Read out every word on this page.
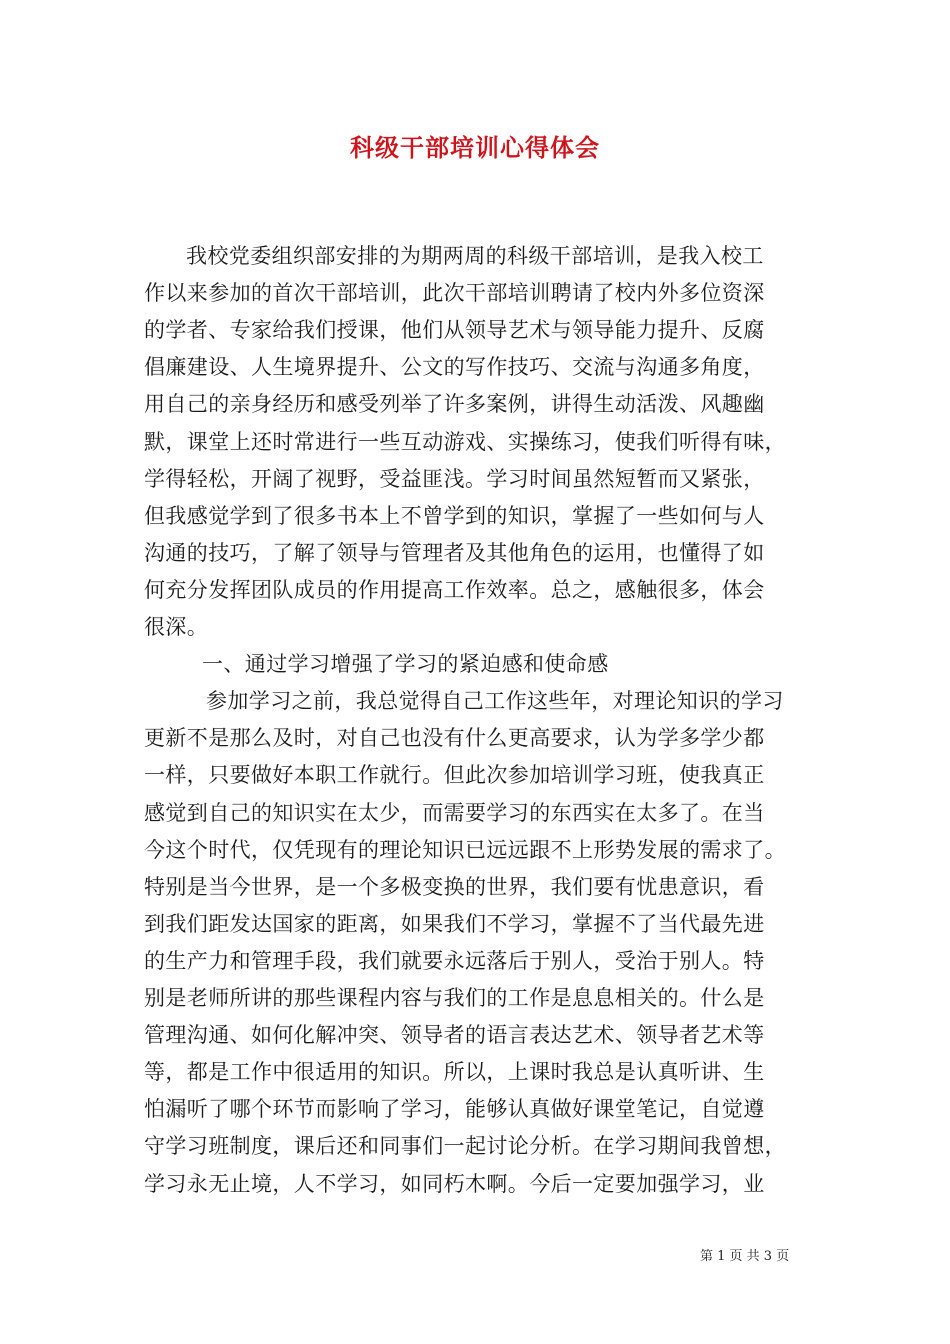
科级干部培训心得体会
我校党委组织部安排的为期两周的科级干部培训，是我入校工
作以来参加的首次干部培训，此次干部培训聘请了校内外多位资深
的学者、专家给我们授课，他们从领导艺术与领导能力提升、反腐
倡廉建设、人生境界提升、公文的写作技巧、交流与沟通多角度，
用自己的亲身经历和感受列举了许多案例，讲得生动活泼、风趣幽
默，课堂上还时常进行一些互动游戏、实操练习，使我们听得有味，
学得轻松，开阔了视野，受益匪浅。学习时间虽然短暂而又紧张，
但我感觉学到了很多书本上不曾学到的知识，掌握了一些如何与人
沟通的技巧，了解了领导与管理者及其他角色的运用，也懂得了如
何充分发挥团队成员的作用提高工作效率。总之，感触很多，体会
很深。
一、通过学习增强了学习的紧迫感和使命感
参加学习之前，我总觉得自己工作这些年，对理论知识的学习
更新不是那么及时，对自己也没有什么更高要求，认为学多学少都
一样，只要做好本职工作就行。但此次参加培训学习班，使我真正
感觉到自己的知识实在太少，而需要学习的东西实在太多了。在当
今这个时代，仅凭现有的理论知识已远远跟不上形势发展的需求了。
特别是当今世界，是一个多极变换的世界，我们要有忧患意识，看
到我们距发达国家的距离，如果我们不学习，掌握不了当代最先进
的生产力和管理手段，我们就要永远落后于别人，受治于别人。特
别是老师所讲的那些课程内容与我们的工作是息息相关的。什么是
管理沟通、如何化解冲突、领导者的语言表达艺术、领导者艺术等
等，都是工作中很适用的知识。所以，上课时我总是认真听讲、生
怕漏听了哪个环节而影响了学习，能够认真做好课堂笔记，自觉遵
守学习班制度，课后还和同事们一起讨论分析。在学习期间我曾想，
学习永无止境，人不学习，如同朽木啊。今后一定要加强学习，业
第 1 页 共 3 页
